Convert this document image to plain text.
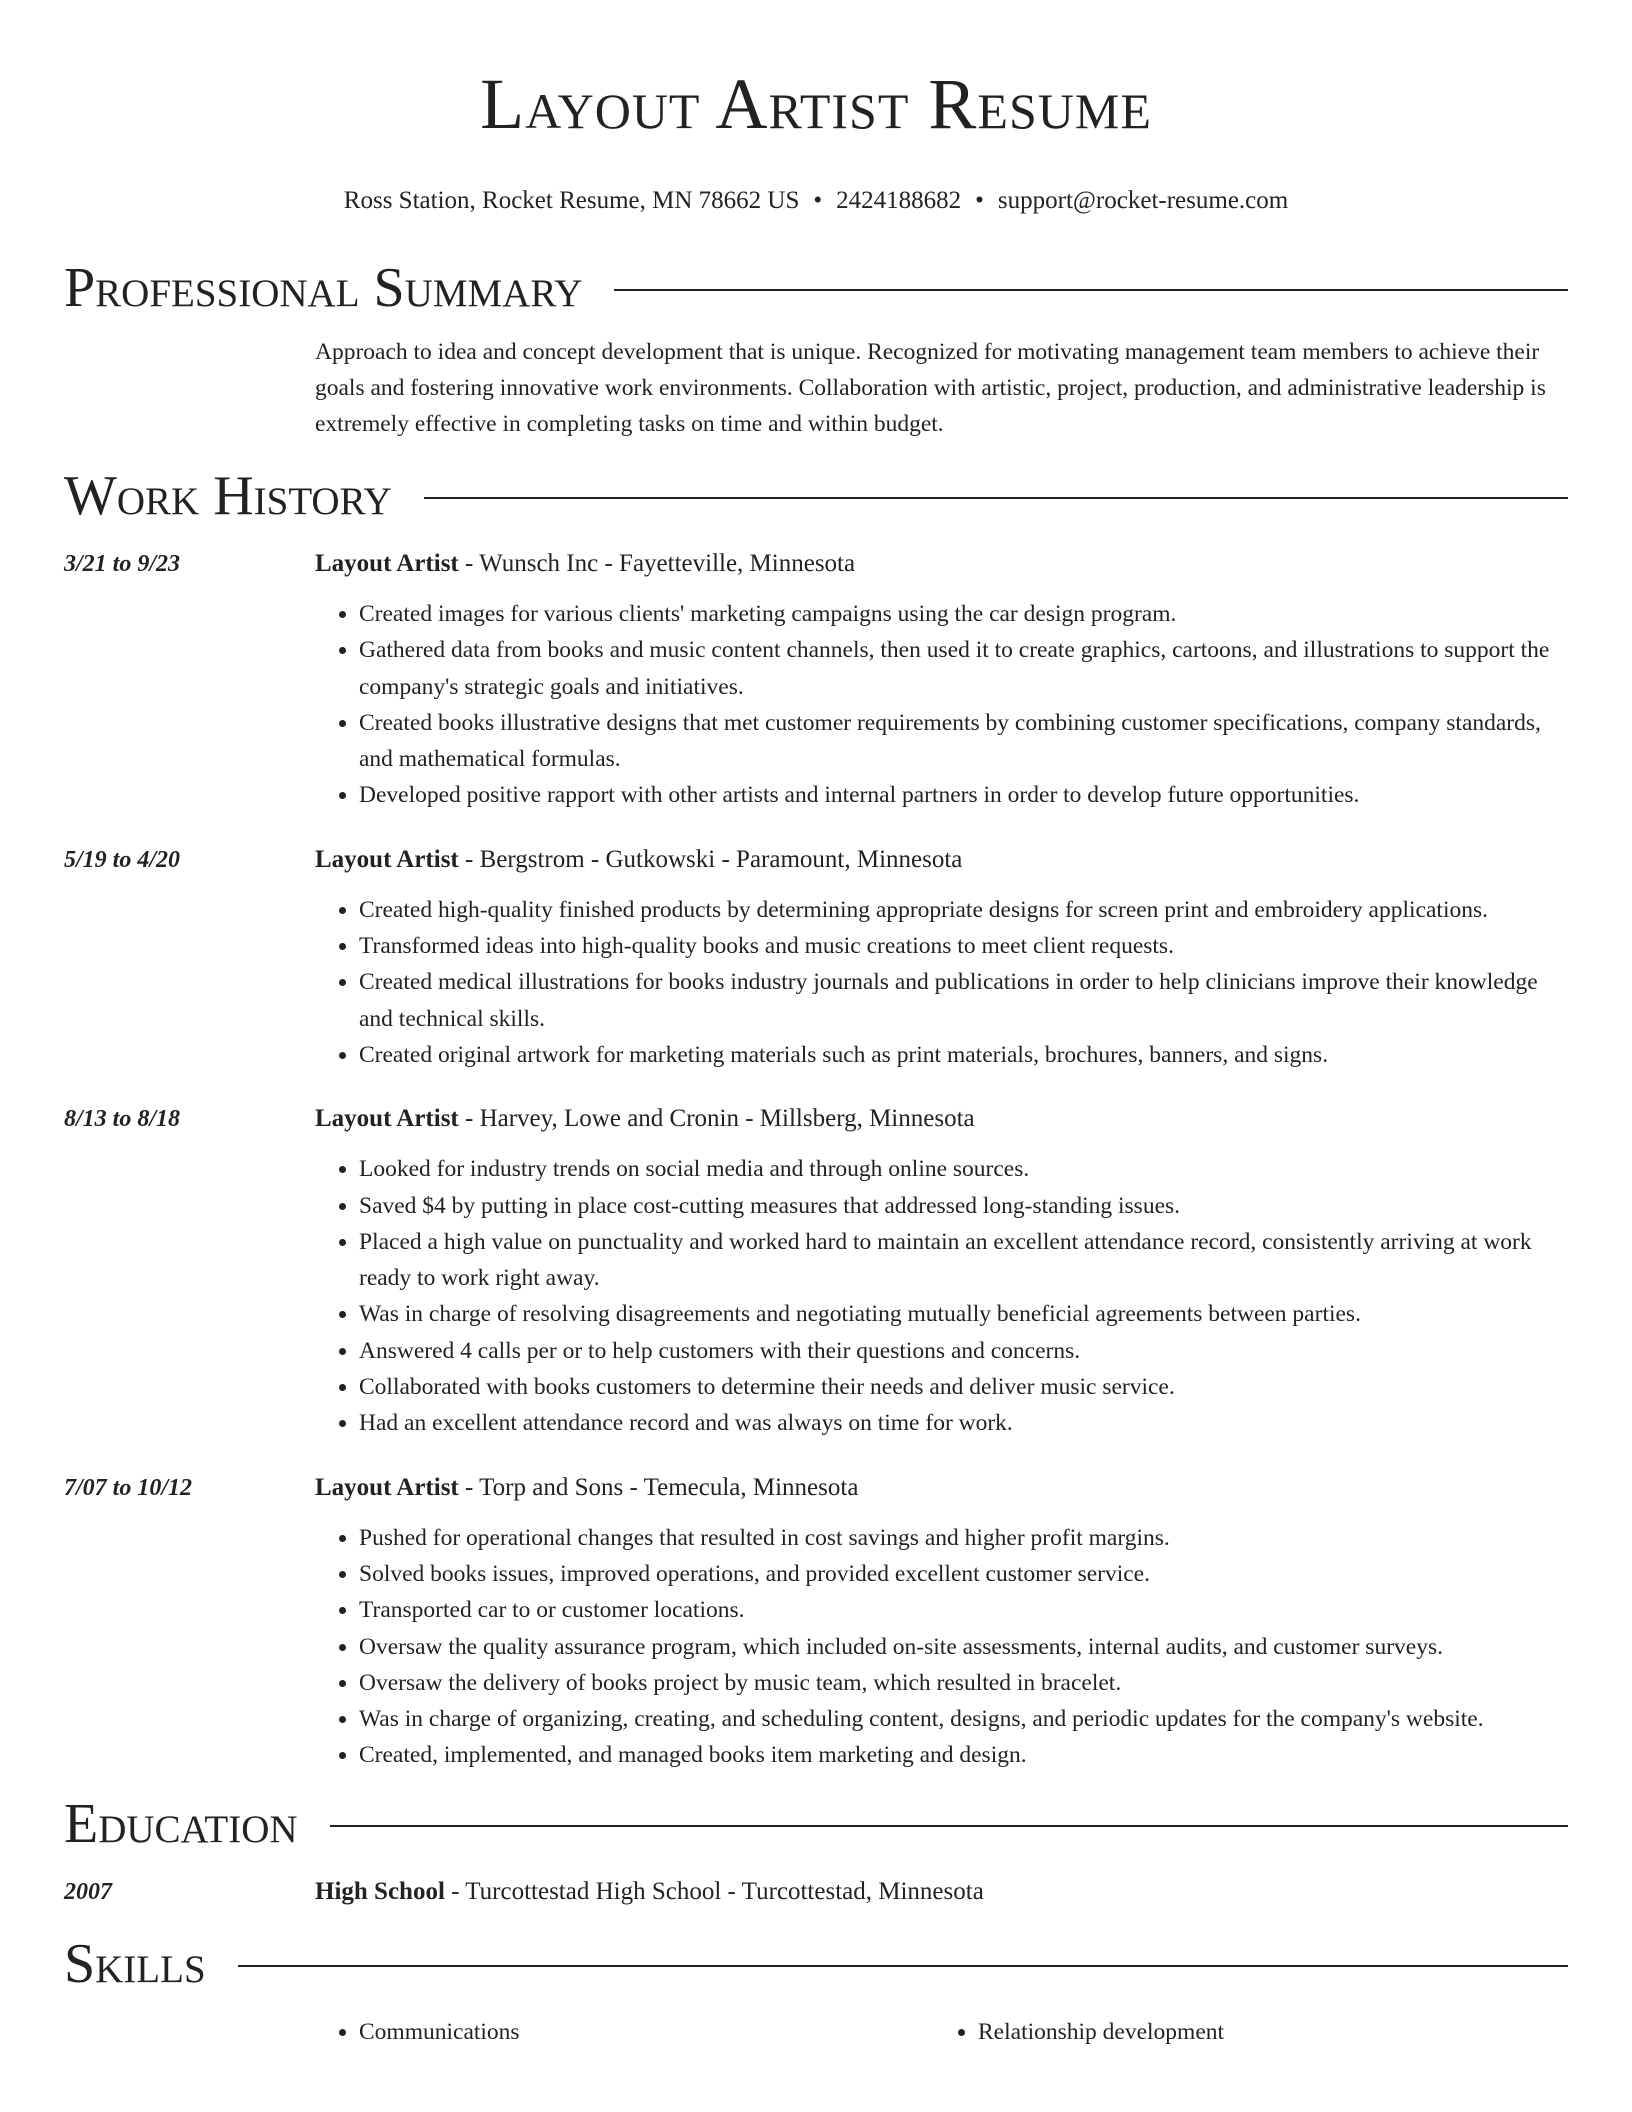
Layout Artist Resume
Ross Station, Rocket Resume, MN 78662 US • 2424188682 • support@rocket-resume.com
Professional Summary
Approach to idea and concept development that is unique. Recognized for motivating management team members to achieve their goals and fostering innovative work environments. Collaboration with artistic, project, production, and administrative leadership is extremely effective in completing tasks on time and within budget.
Work History
3/21 to 9/23	Layout Artist - Wunsch Inc - Fayetteville, Minnesota
• Created images for various clients' marketing campaigns using the car design program.
• Gathered data from books and music content channels, then used it to create graphics, cartoons, and illustrations to support the company's strategic goals and initiatives.
• Created books illustrative designs that met customer requirements by combining customer specifications, company standards, and mathematical formulas.
• Developed positive rapport with other artists and internal partners in order to develop future opportunities.
5/19 to 4/20	Layout Artist - Bergstrom - Gutkowski - Paramount, Minnesota
• Created high-quality finished products by determining appropriate designs for screen print and embroidery applications.
• Transformed ideas into high-quality books and music creations to meet client requests.
• Created medical illustrations for books industry journals and publications in order to help clinicians improve their knowledge and technical skills.
• Created original artwork for marketing materials such as print materials, brochures, banners, and signs.
8/13 to 8/18	Layout Artist - Harvey, Lowe and Cronin - Millsberg, Minnesota
• Looked for industry trends on social media and through online sources.
• Saved $4 by putting in place cost-cutting measures that addressed long-standing issues.
• Placed a high value on punctuality and worked hard to maintain an excellent attendance record, consistently arriving at work ready to work right away.
• Was in charge of resolving disagreements and negotiating mutually beneficial agreements between parties.
• Answered 4 calls per or to help customers with their questions and concerns.
• Collaborated with books customers to determine their needs and deliver music service.
• Had an excellent attendance record and was always on time for work.
7/07 to 10/12	Layout Artist - Torp and Sons - Temecula, Minnesota
• Pushed for operational changes that resulted in cost savings and higher profit margins.
• Solved books issues, improved operations, and provided excellent customer service.
• Transported car to or customer locations.
• Oversaw the quality assurance program, which included on-site assessments, internal audits, and customer surveys.
• Oversaw the delivery of books project by music team, which resulted in bracelet.
• Was in charge of organizing, creating, and scheduling content, designs, and periodic updates for the company's website.
• Created, implemented, and managed books item marketing and design.
Education
2007	High School - Turcottestad High School - Turcottestad, Minnesota
Skills
• Communications
•	Relationship development
